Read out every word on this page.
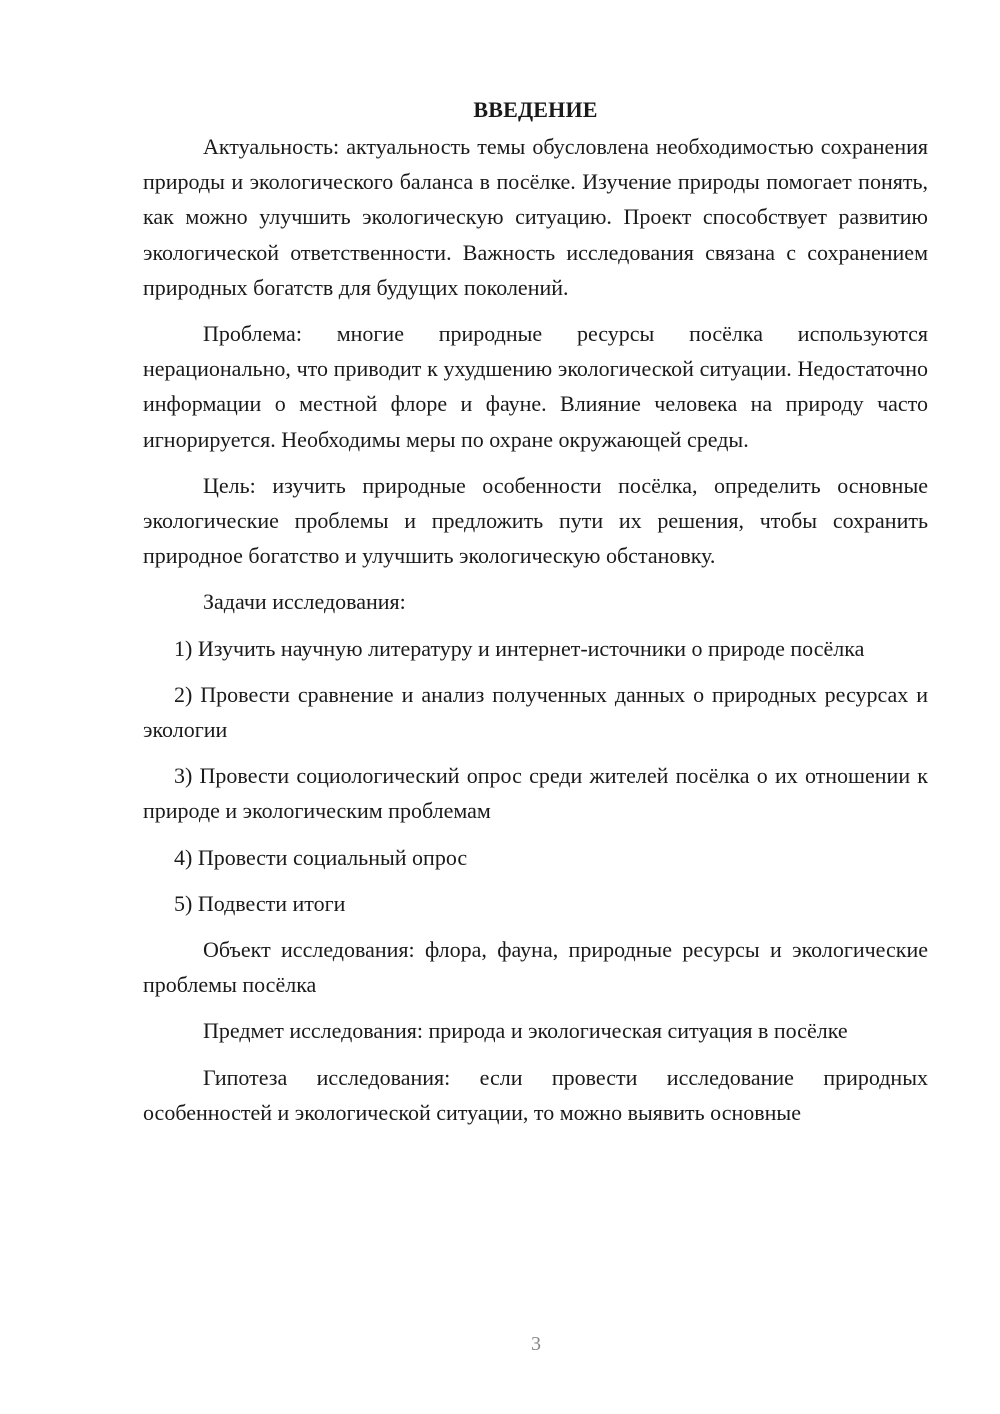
ВВЕДЕНИЕ

Актуальность: актуальность темы обусловлена необходимостью сохранения природы и экологического баланса в посёлке. Изучение природы помогает понять, как можно улучшить экологическую ситуацию. Проект способствует развитию экологической ответственности. Важность исследования связана с сохранением природных богатств для будущих поколений.

Проблема: многие природные ресурсы посёлка используются нерационально, что приводит к ухудшению экологической ситуации. Недостаточно информации о местной флоре и фауне. Влияние человека на природу часто игнорируется. Необходимы меры по охране окружающей среды.

Цель: изучить природные особенности посёлка, определить основные экологические проблемы и предложить пути их решения, чтобы сохранить природное богатство и улучшить экологическую обстановку.

Задачи исследования:

1) Изучить научную литературу и интернет-источники о природе посёлка

2) Провести сравнение и анализ полученных данных о природных ресурсах и экологии

3) Провести социологический опрос среди жителей посёлка о их отношении к природе и экологическим проблемам

4) Провести социальный опрос

5) Подвести итоги

Объект исследования: флора, фауна, природные ресурсы и экологические проблемы посёлка

Предмет исследования: природа и экологическая ситуация в посёлке

Гипотеза исследования: если провести исследование природных особенностей и экологической ситуации, то можно выявить основные

3
